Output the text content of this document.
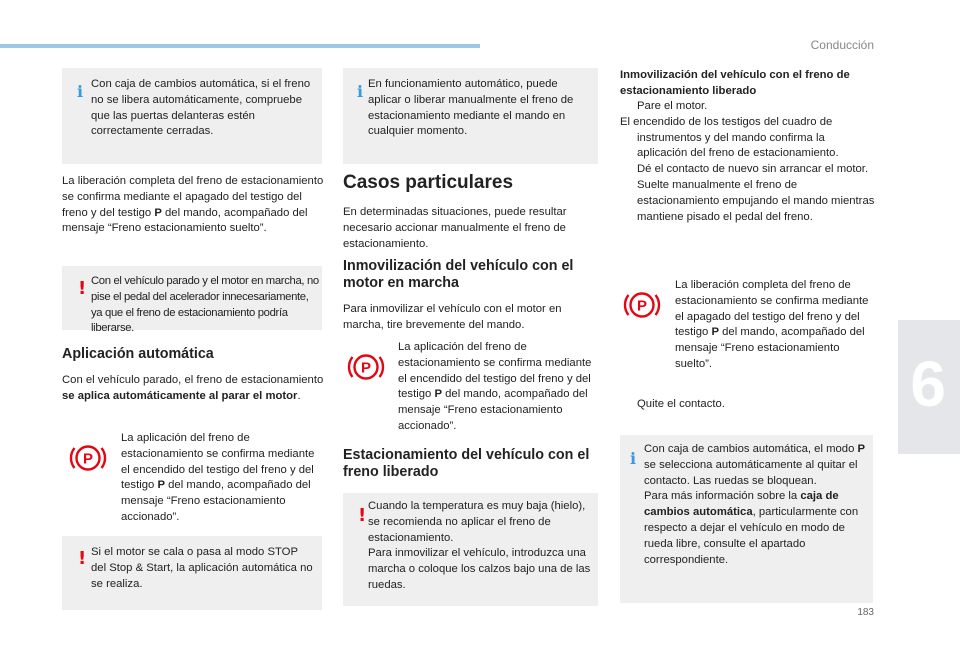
Conducción
6
183
i Con caja de cambios automática, si el freno no se libera automáticamente, compruebe que las puertas delanteras estén correctamente cerradas.
La liberación completa del freno de estacionamiento se confirma mediante el apagado del testigo del freno y del testigo P del mando, acompañado del mensaje “Freno estacionamiento suelto”.
! Con el vehículo parado y el motor en marcha, no pise el pedal del acelerador innecesariamente, ya que el freno de estacionamiento podría liberarse.
Aplicación automática
Con el vehículo parado, el freno de estacionamiento se aplica automáticamente al parar el motor.
P
La aplicación del freno de estacionamiento se confirma mediante el encendido del testigo del freno y del testigo P del mando, acompañado del mensaje “Freno estacionamiento accionado”.
! Si el motor se cala o pasa al modo STOP del Stop & Start, la aplicación automática no se realiza.
i En funcionamiento automático, puede aplicar o liberar manualmente el freno de estacionamiento mediante el mando en cualquier momento.
Casos particulares
En determinadas situaciones, puede resultar necesario accionar manualmente el freno de estacionamiento.
Inmovilización del vehículo con el motor en marcha
Para inmovilizar el vehículo con el motor en marcha, tire brevemente del mando.
P
La aplicación del freno de estacionamiento se confirma mediante el encendido del testigo del freno y del testigo P del mando, acompañado del mensaje “Freno estacionamiento accionado”.
Estacionamiento del vehículo con el freno liberado
! Cuando la temperatura es muy baja (hielo), se recomienda no aplicar el freno de estacionamiento.

Para inmovilizar el vehículo, introduzca una marcha o coloque los calzos bajo una de las ruedas.

Inmovilización del vehículo con el freno de estacionamiento liberado
Pare el motor.
El encendido de los testigos del cuadro de instrumentos y del mando confirma la aplicación del freno de estacionamiento.
Dé el contacto de nuevo sin arrancar el motor.
Suelte manualmente el freno de estacionamiento empujando el mando mientras mantiene pisado el pedal del freno.
P
La liberación completa del freno de estacionamiento se confirma mediante el apagado del testigo del freno y del testigo P del mando, acompañado del mensaje “Freno estacionamiento suelto”.
Quite el contacto.
i Con caja de cambios automática, el modo P se selecciona automáticamente al quitar el contacto. Las ruedas se bloquean.

Para más información sobre la caja de cambios automática, particularmente con respecto a dejar el vehículo en modo de rueda libre, consulte el apartado correspondiente.
